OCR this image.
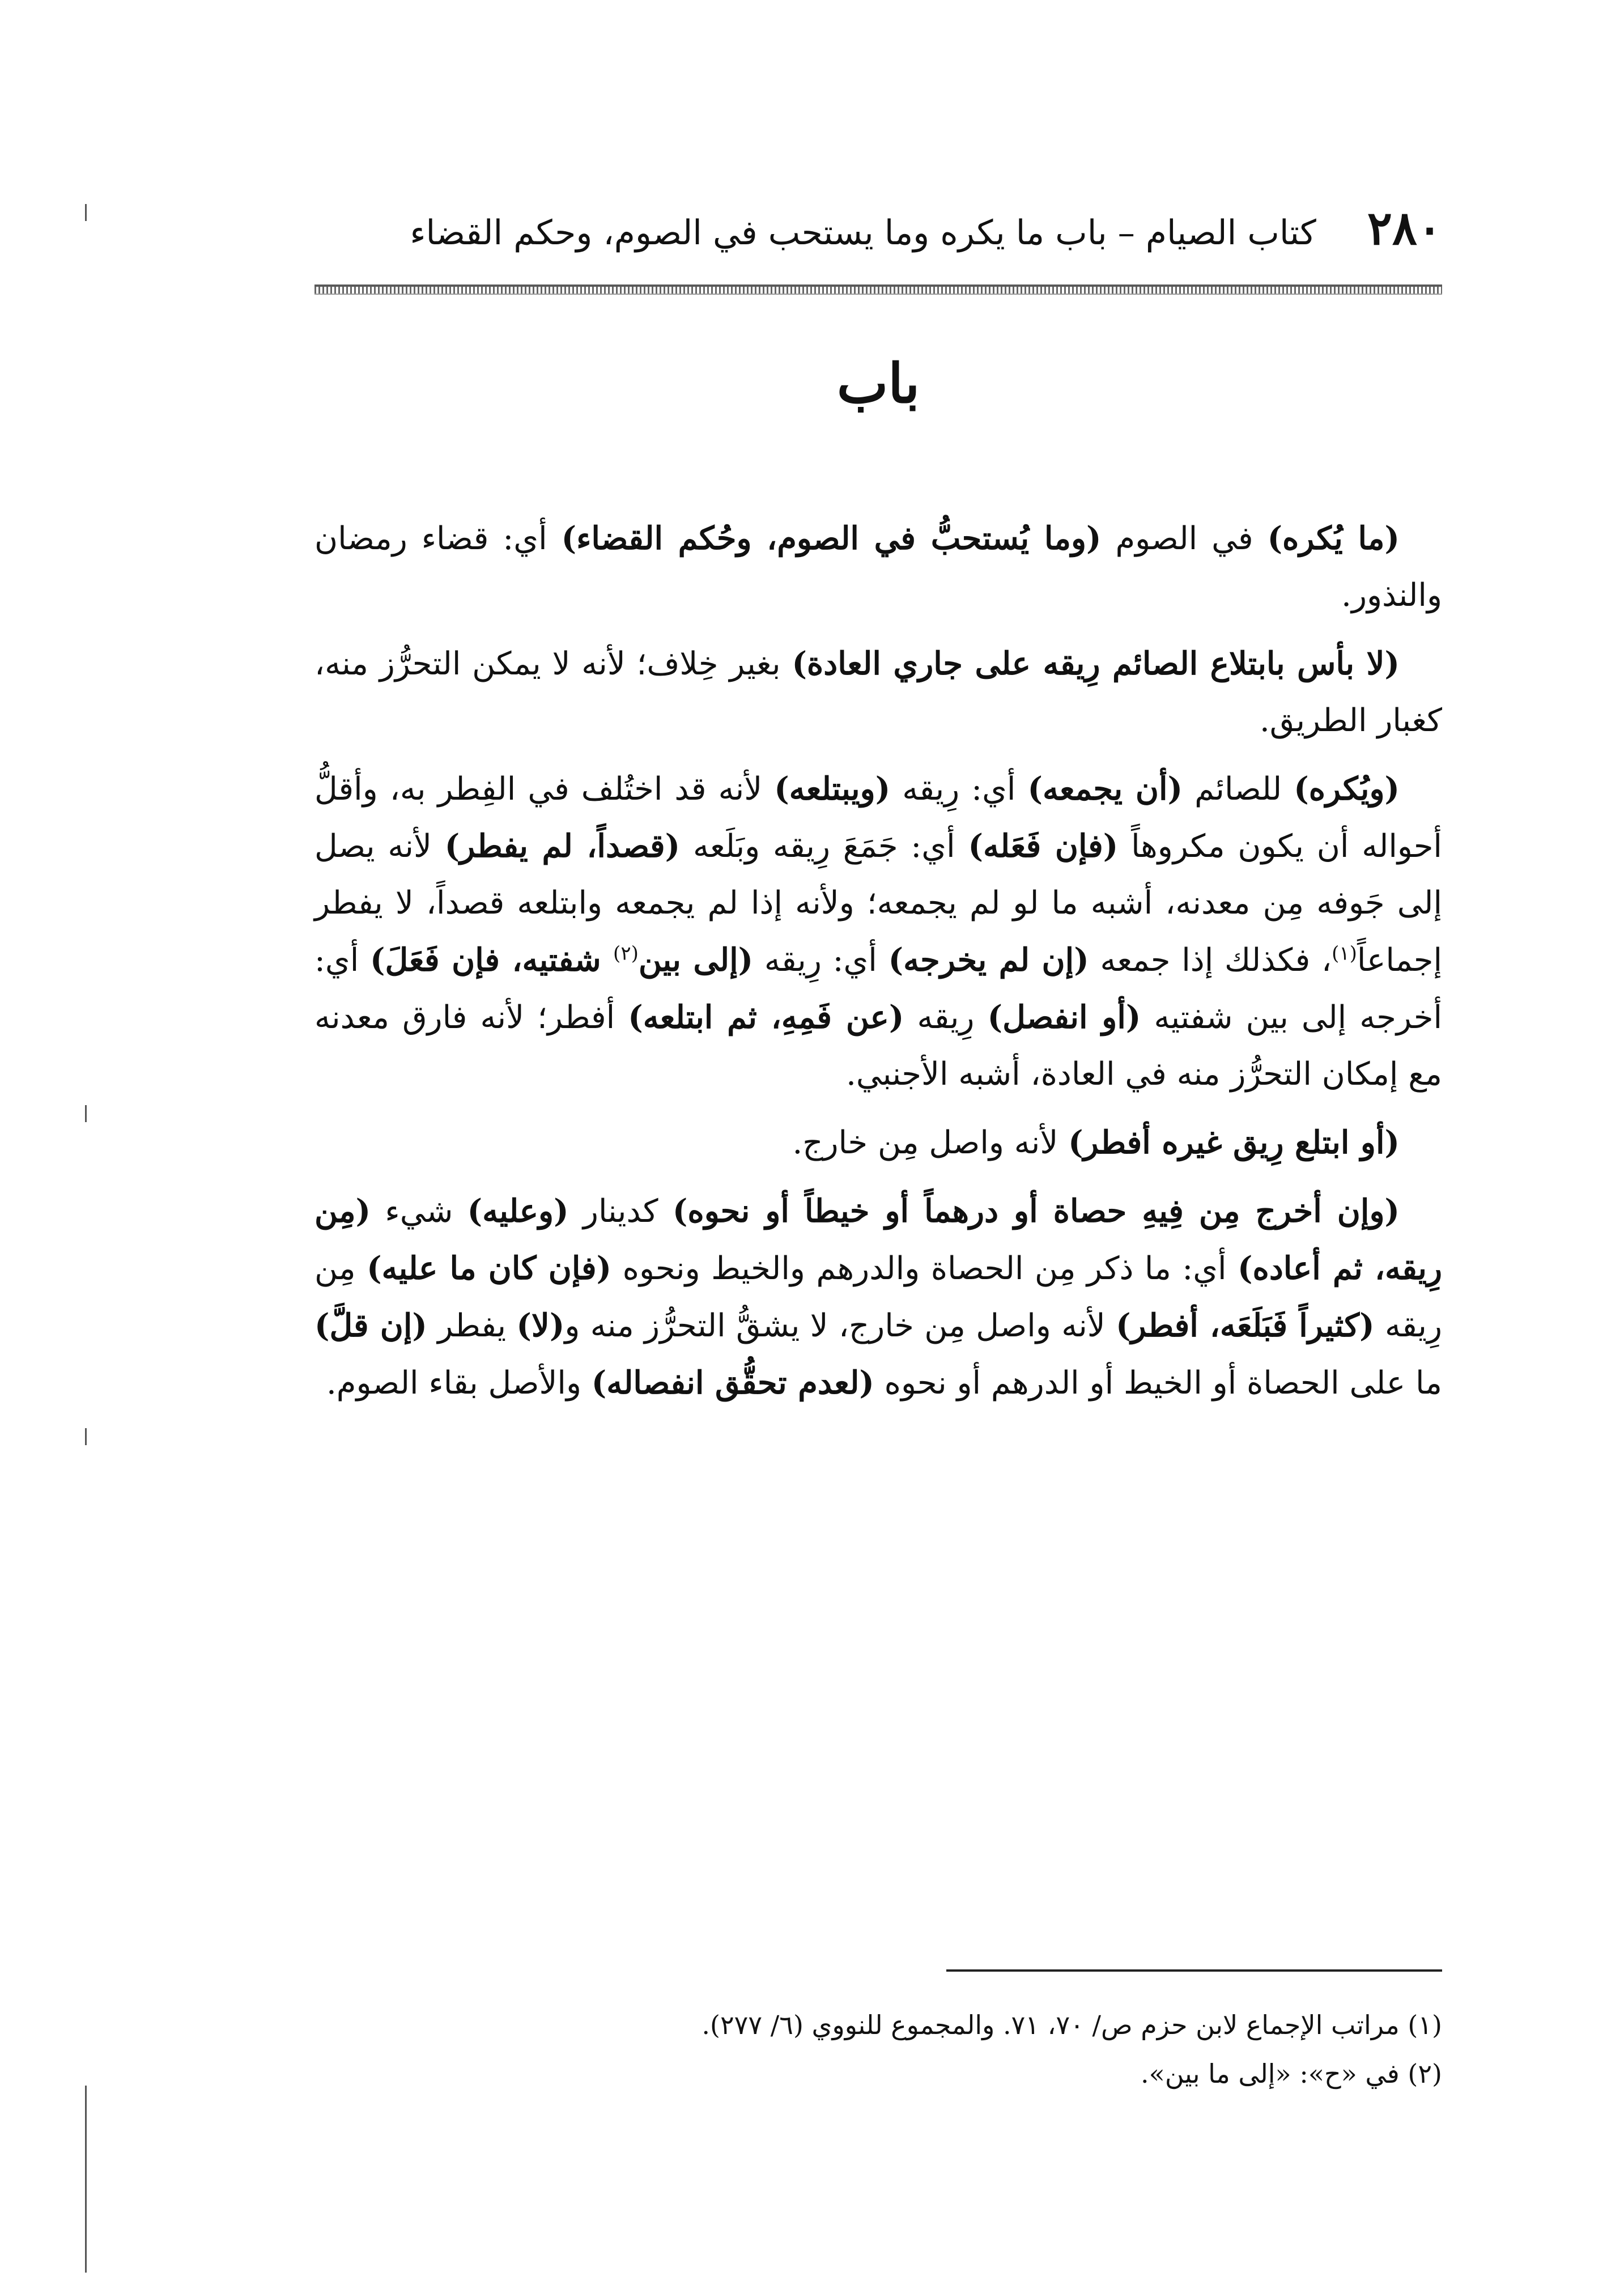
٢٨٠
كتاب الصيام – باب ما يكره وما يستحب في الصوم، وحكم القضاء
باب

(ما يُكره) في الصوم (وما يُستحبُّ في الصوم، وحُكم القضاء) أي: قضاء رمضان والنذور.

(لا بأس بابتلاع الصائم رِيقه على جاري العادة) بغير خِلاف؛ لأنه لا يمكن التحرُّز منه، كغبار الطريق.

(ويُكره) للصائم (أن يجمعه) أي: رِيقه (ويبتلعه) لأنه قد اختُلف في الفِطر به، وأقلُّ أحواله أن يكون مكروهاً (فإن فَعَله) أي: جَمَعَ رِيقه وبَلَعه (قصداً، لم يفطر) لأنه يصل إلى جَوفه مِن معدنه، أشبه ما لو لم يجمعه؛ ولأنه إذا لم يجمعه وابتلعه قصداً، لا يفطر إجماعاً$^{(١)}$، فكذلك إذا جمعه (إن لم يخرجه) أي: رِيقه (إلى بين$^{(٢)}$ شفتيه، فإن فَعَلَ) أي: أخرجه إلى بين شفتيه (أو انفصل) رِيقه (عن فَمِهِ، ثم ابتلعه) أفطر؛ لأنه فارق معدنه مع إمكان التحرُّز منه في العادة، أشبه الأجنبي.

(أو ابتلع رِيق غيره أفطر) لأنه واصل مِن خارج.

(وإن أخرج مِن فِيهِ حصاة أو درهماً أو خيطاً أو نحوه) كدينار (وعليه) شيء (مِن رِيقه، ثم أعاده) أي: ما ذكر مِن الحصاة والدرهم والخيط ونحوه (فإن كان ما عليه) مِن رِيقه (كثيراً فَبَلَعَه، أفطر) لأنه واصل مِن خارج، لا يشقُّ التحرُّز منه و(لا) يفطر (إن قلَّ) ما على الحصاة أو الخيط أو الدرهم أو نحوه (لعدم تحقُّق انفصاله) والأصل بقاء الصوم.

(١) مراتب الإجماع لابن حزم ص/ ٧٠، ٧١. والمجموع للنووي (٦/ ٢٧٧).

(٢) في «ح»: «إلى ما بين».
